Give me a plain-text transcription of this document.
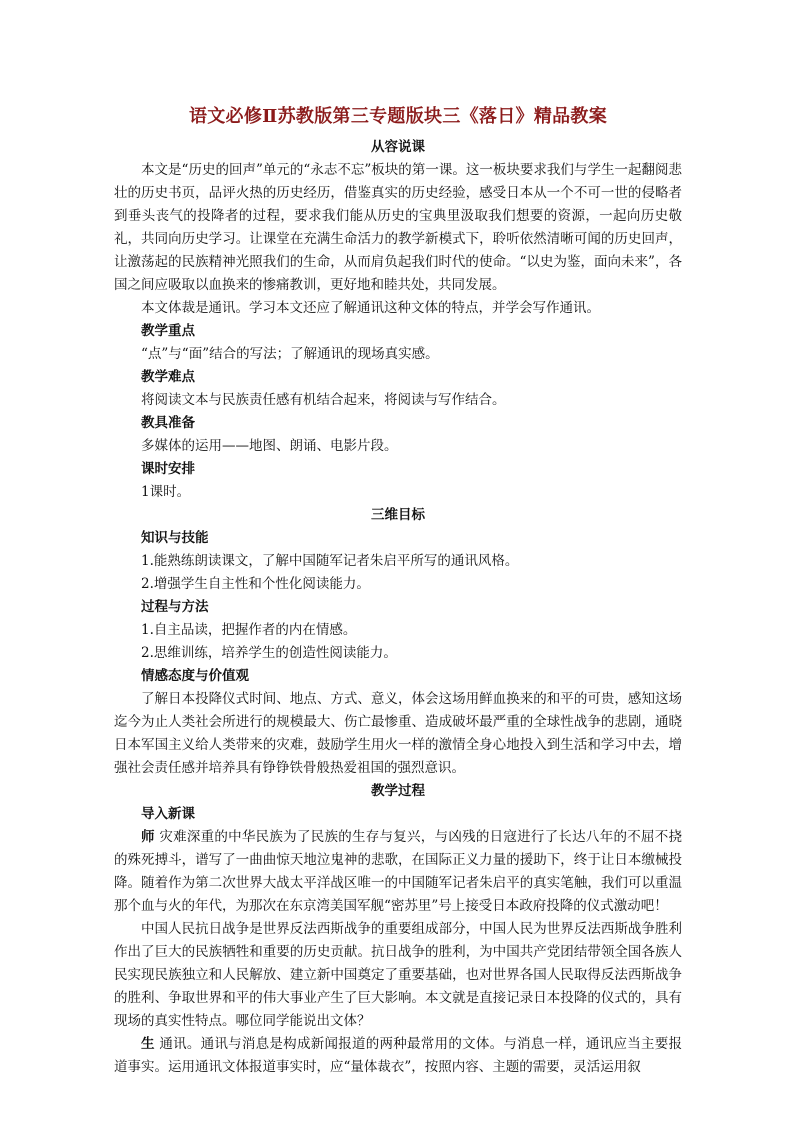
语文必修Ⅱ苏教版第三专题版块三《落日》精品教案
从容说课

本文是“历史的回声”单元的“永志不忘”板块的第一课。这一板块要求我们与学生一起翻阅悲壮的历史书页，品评火热的历史经历，借鉴真实的历史经验，感受日本从一个不可一世的侵略者到垂头丧气的投降者的过程，要求我们能从历史的宝典里汲取我们想要的资源，一起向历史敬礼，共同向历史学习。让课堂在充满生命活力的教学新模式下，聆听依然清晰可闻的历史回声，让激荡起的民族精神光照我们的生命，从而肩负起我们时代的使命。“以史为鉴，面向未来”，各国之间应吸取以血换来的惨痛教训，更好地和睦共处，共同发展。

本文体裁是通讯。学习本文还应了解通讯这种文体的特点，并学会写作通讯。

教学重点

“点”与“面”结合的写法；了解通讯的现场真实感。

教学难点

将阅读文本与民族责任感有机结合起来，将阅读与写作结合。

教具准备

多媒体的运用——地图、朗诵、电影片段。

课时安排

1课时。

三维目标
知识与技能

1.能熟练朗读课文，了解中国随军记者朱启平所写的通讯风格。

2.增强学生自主性和个性化阅读能力。

过程与方法

1.自主品读，把握作者的内在情感。

2.思维训练，培养学生的创造性阅读能力。

情感态度与价值观

了解日本投降仪式时间、地点、方式、意义，体会这场用鲜血换来的和平的可贵，感知这场迄今为止人类社会所进行的规模最大、伤亡最惨重、造成破坏最严重的全球性战争的悲剧，通晓日本军国主义给人类带来的灾难，鼓励学生用火一样的激情全身心地投入到生活和学习中去，增强社会责任感并培养具有铮铮铁骨般热爱祖国的强烈意识。

教学过程
导入新课

师 灾难深重的中华民族为了民族的生存与复兴，与凶残的日寇进行了长达八年的不屈不挠的殊死搏斗，谱写了一曲曲惊天地泣鬼神的悲歌，在国际正义力量的援助下，终于让日本缴械投降。随着作为第二次世界大战太平洋战区唯一的中国随军记者朱启平的真实笔触，我们可以重温那个血与火的年代，为那次在东京湾美国军舰“密苏里”号上接受日本政府投降的仪式激动吧！

中国人民抗日战争是世界反法西斯战争的重要组成部分，中国人民为世界反法西斯战争胜利作出了巨大的民族牺牲和重要的历史贡献。抗日战争的胜利，为中国共产党团结带领全国各族人民实现民族独立和人民解放、建立新中国奠定了重要基础，也对世界各国人民取得反法西斯战争的胜利、争取世界和平的伟大事业产生了巨大影响。本文就是直接记录日本投降的仪式的，具有现场的真实性特点。哪位同学能说出文体？

生 通讯。通讯与消息是构成新闻报道的两种最常用的文体。与消息一样，通讯应当主要报道事实。运用通讯文体报道事实时，应“量体裁衣”，按照内容、主题的需要，灵活运用叙
